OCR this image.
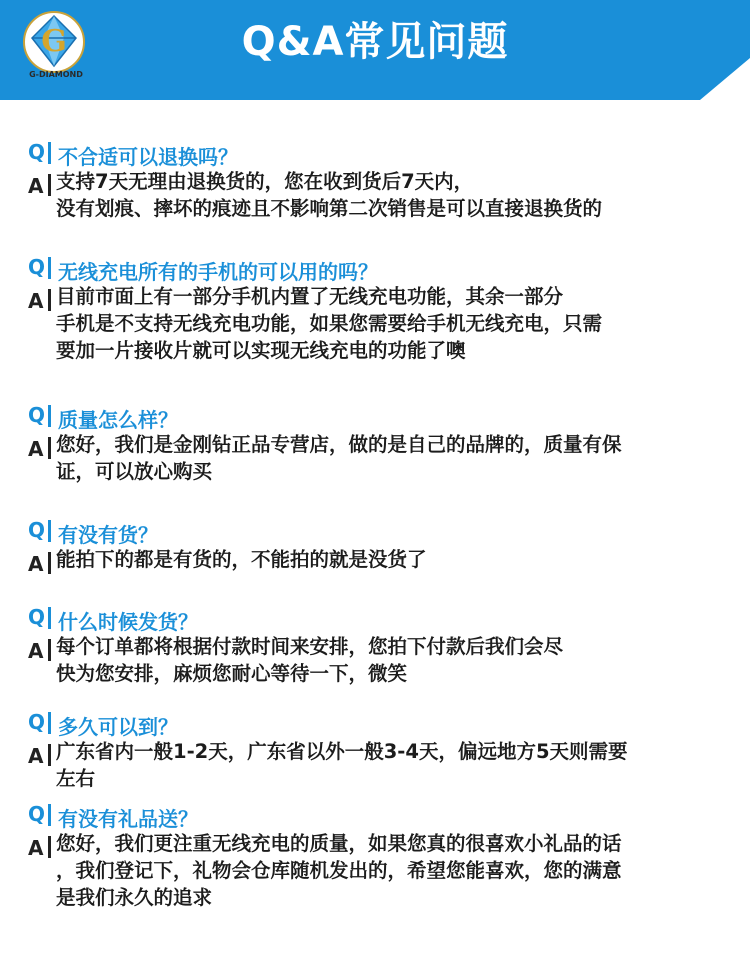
G
G-DIAMOND
Q&A常见问题
Q 不合适可以退换吗？
A 支持7天无理由退换货的，您在收到货后7天内，
没有划痕、摔坏的痕迹且不影响第二次销售是可以直接退换货的
Q 无线充电所有的手机的可以用的吗？
A 目前市面上有一部分手机内置了无线充电功能，其余一部分
手机是不支持无线充电功能，如果您需要给手机无线充电，只需
要加一片接收片就可以实现无线充电的功能了噢
Q 质量怎么样？
A 您好，我们是金刚钻正品专营店，做的是自己的品牌的，质量有保
证，可以放心购买
Q 有没有货？
A 能拍下的都是有货的，不能拍的就是没货了
Q 什么时候发货？
A 每个订单都将根据付款时间来安排，您拍下付款后我们会尽
快为您安排，麻烦您耐心等待一下，微笑
Q 多久可以到？
A 广东省内一般1-2天，广东省以外一般3-4天，偏远地方5天则需要
左右
Q 有没有礼品送？
A 您好，我们更注重无线充电的质量，如果您真的很喜欢小礼品的话
，我们登记下，礼物会仓库随机发出的，希望您能喜欢，您的满意
是我们永久的追求
